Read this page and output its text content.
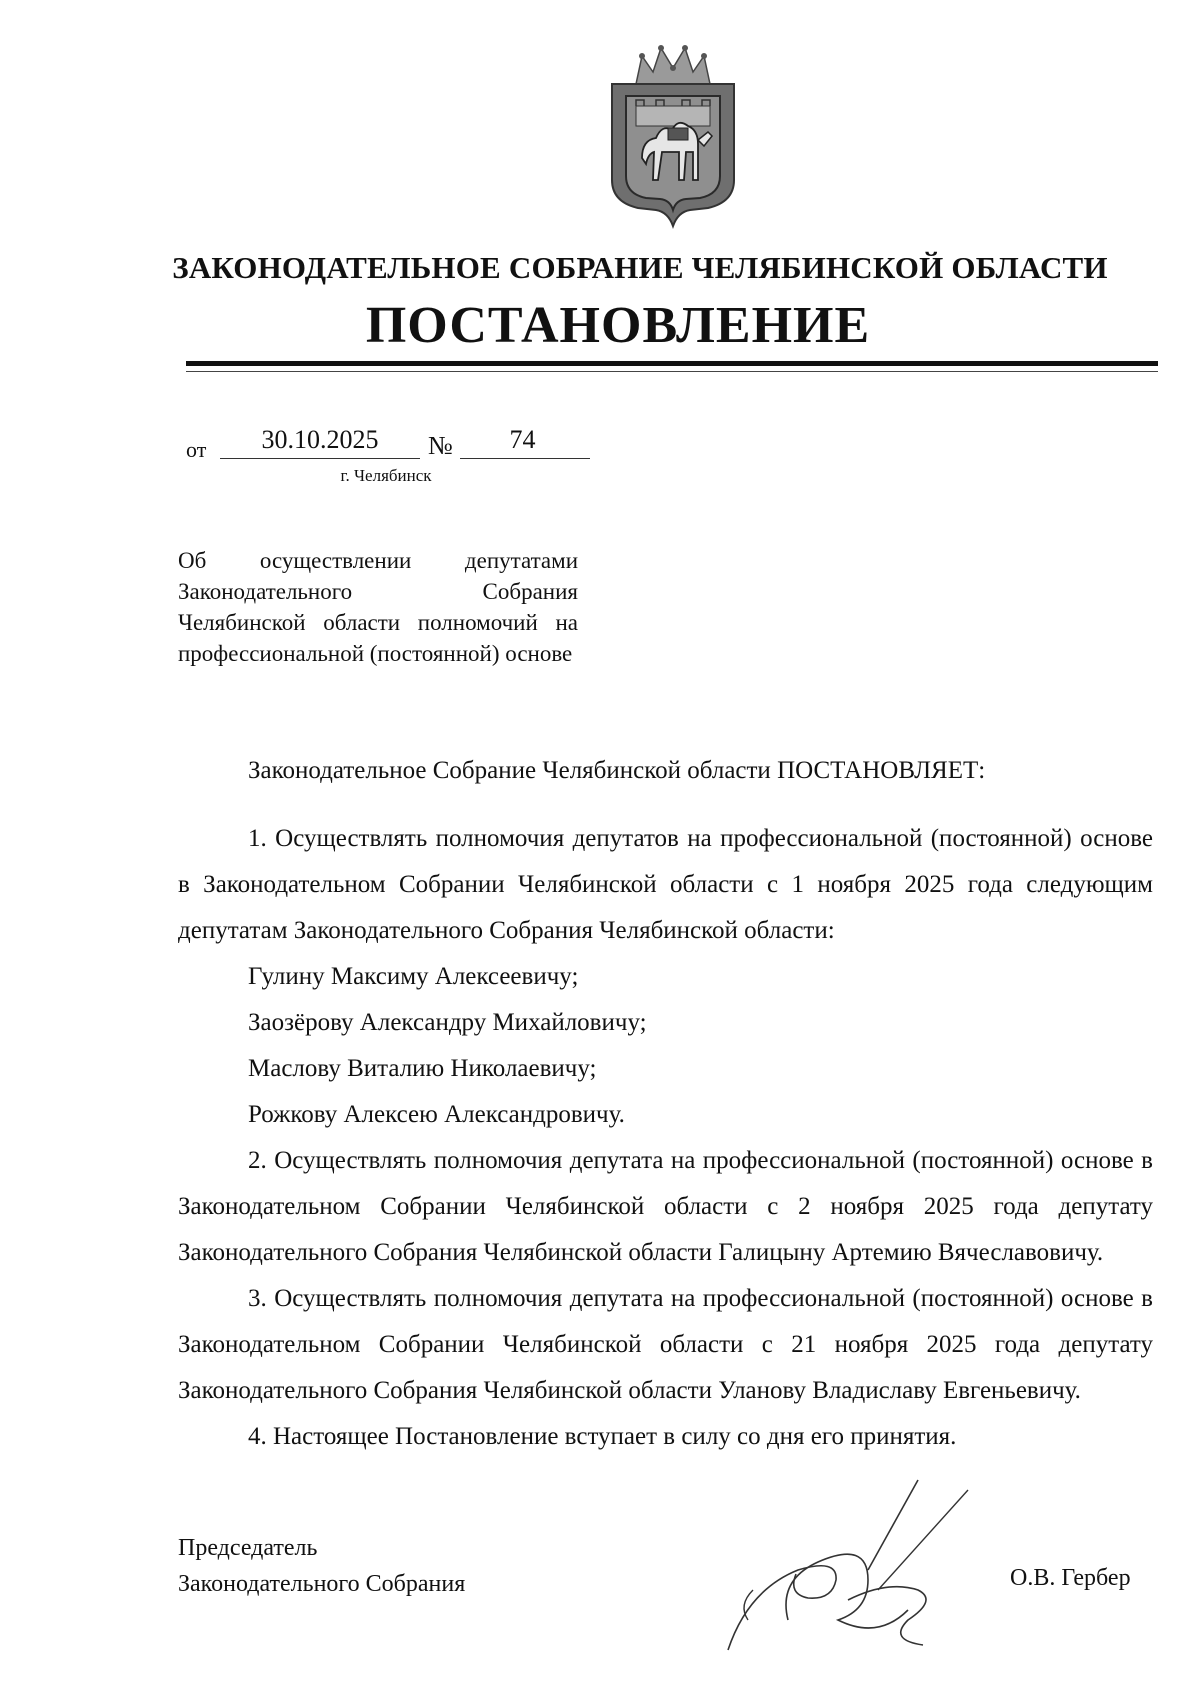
ЗАКОНОДАТЕЛЬНОЕ СОБРАНИЕ ЧЕЛЯБИНСКОЙ ОБЛАСТИ
ПОСТАНОВЛЕНИЕ
от	30.10.2025	№	74
г. Челябинск
Об осуществлении депутатами Законодательного Собрания Челябинской области полномочий на профессиональной (постоянной) основе

Законодательное Собрание Челябинской области ПОСТАНОВЛЯЕТ:

1. Осуществлять полномочия депутатов на профессиональной (постоянной) основе в Законодательном Собрании Челябинской области с 1 ноября 2025 года следующим депутатам Законодательного Собрания Челябинской области:

Гулину Максиму Алексеевичу;

Заозёрову Александру Михайловичу;

Маслову Виталию Николаевичу;

Рожкову Алексею Александровичу.

2. Осуществлять полномочия депутата на профессиональной (постоянной) основе в Законодательном Собрании Челябинской области с 2 ноября 2025 года депутату Законодательного Собрания Челябинской области Галицыну Артемию Вячеславовичу.

3. Осуществлять полномочия депутата на профессиональной (постоянной) основе в Законодательном Собрании Челябинской области с 21 ноября 2025 года депутату Законодательного Собрания Челябинской области Уланову Владиславу Евгеньевичу.

4. Настоящее Постановление вступает в силу со дня его принятия.

Председатель
Законодательного Собрания	О.В. Гербер
